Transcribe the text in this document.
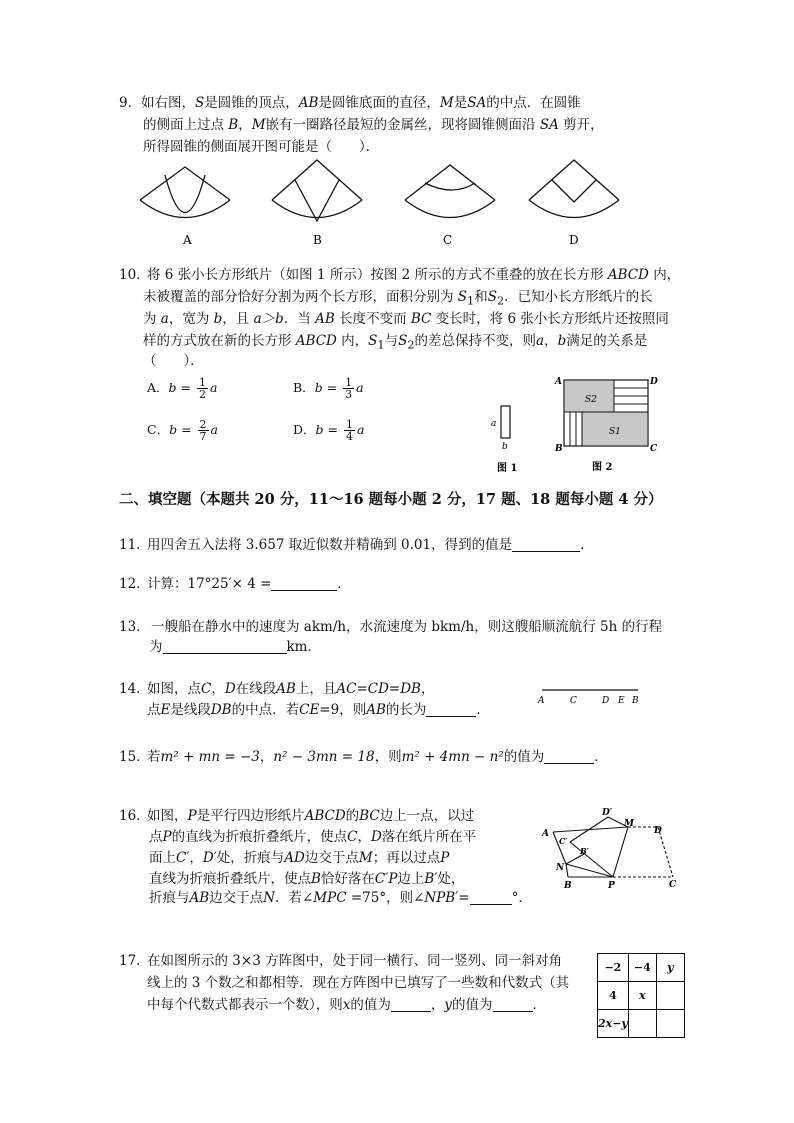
9． 如右图，S是圆锥的顶点，AB是圆锥底面的直径，M是SA的中点．在圆锥
的侧面上过点 B，M嵌有一圈路径最短的金属丝，现将圆锥侧面沿 SA 剪开，
所得圆锥的侧面展开图可能是（　　）．
A	B	C	D
10．
将 6 张小长方形纸片（如图 1 所示）按图 2 所示的方式不重叠的放在长方形 ABCD 内，
未被覆盖的部分恰好分割为两个长方形，面积分别为 $S_1$和$S_2$．已知小长方形纸片的长
为 a，宽为 b，且 a＞b．当 AB 长度不变而 BC 变长时，将 6 张小长方形纸片还按照同
样的方式放在新的长方形 ABCD 内，$S_1$与$S_2$的差总保持不变，则a，b满足的关系是
（　　）．
A．$b = \frac{1}{2}$ a	B．$b = \frac{1}{3}$ a
C．$b = \frac{2}{7}$ a	D．$b = \frac{1}{4}$ a	a
b
图 1
A	D
B	C
S2
S1
图 2
二、填空题（本题共 20 分，11～16 题每小题 2 分，17 题、18 题每小题 4 分）
11．
用四舍五入法将 3.657 取近似数并精确到 0.01，得到的值是	．
12．
计算：17°25′× 4 =	．
13． 一艘船在静水中的速度为 akm/h，水流速度为 bkm/h，则这艘船顺流航行 5h 的行程
为	km．
14．
如图，点C，D在线段AB上，且AC=CD=DB，
点E是线段DB的中点．若CE=9，则AB的长为	．
A	C	D E B
15．
若m² + mn = −3，n² − 3mn = 18，则m² + 4mn − n²的值为	．
16．
如图，P是平行四边形纸片ABCD的BC边上一点，以过
点P的直线为折痕折叠纸片，使点C，D落在纸片所在平
面上C′，D′处，折痕与AD边交于点M；再以过点P
直线为折痕折叠纸片，使点B恰好落在C′P边上B′处，
折痕与AB边交于点N．若∠MPC =75°，则∠NPB′=	°．
D′
M
D
A
C′
B′
N
B	P	C
17．
在如图所示的 3×3 方阵图中，处于同一横行、同一竖列、同一斜对角
线上的 3 个数之和都相等．现在方阵图中已填写了一些数和代数式（其
中每个代数式都表示一个数），则x的值为	，y的值为	．
−2	−4	y
4	x	
2x−y		
